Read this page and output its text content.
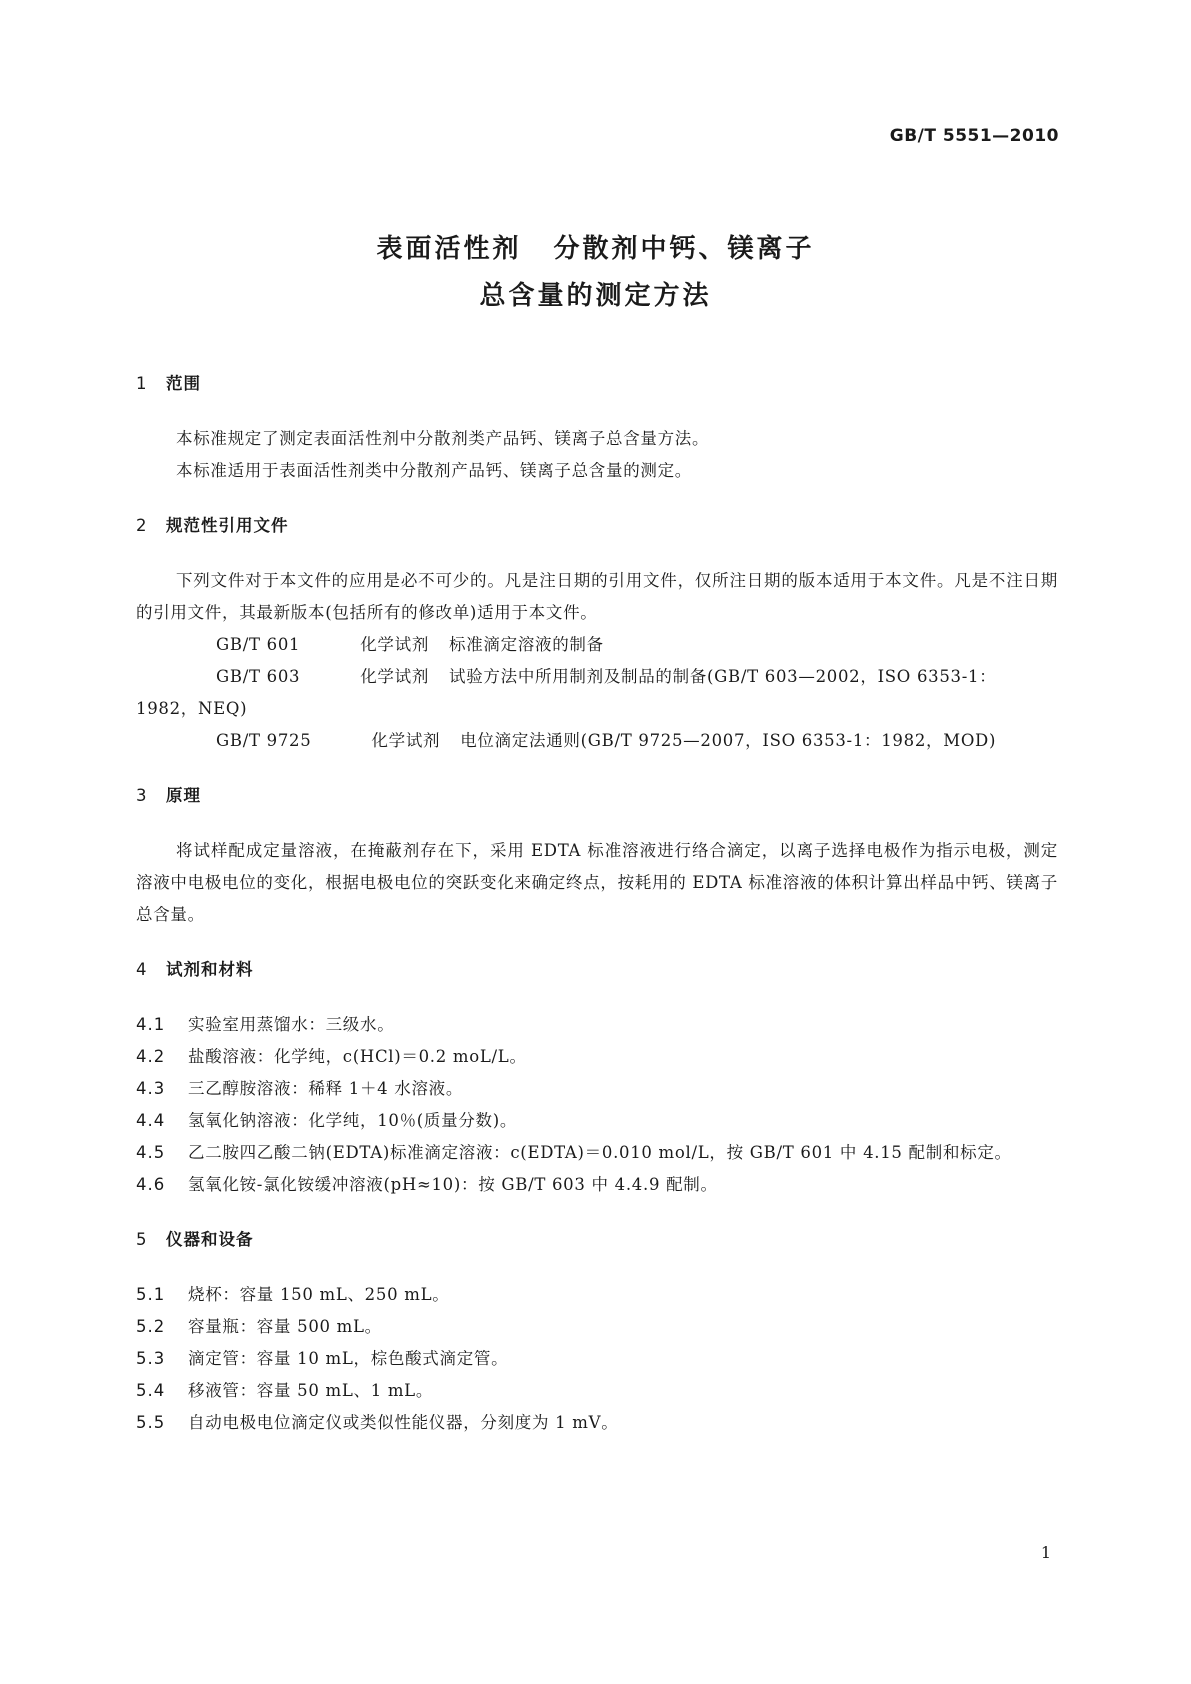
GB/T 5551—2010
表面活性剂 分散剂中钙、镁离子
总含量的测定方法
1 范围
本标准规定了测定表面活性剂中分散剂类产品钙、镁离子总含量方法。
本标准适用于表面活性剂类中分散剂产品钙、镁离子总含量的测定。
2 规范性引用文件
下列文件对于本文件的应用是必不可少的。凡是注日期的引用文件，仅所注日期的版本适用于本文件。凡是不注日期的引用文件，其最新版本(包括所有的修改单)适用于本文件。
GB/T 601	化学试剂 标准滴定溶液的制备
GB/T 603	化学试剂 试验方法中所用制剂及制品的制备(GB/T 603—2002，ISO 6353-1：1982，NEQ)
GB/T 9725	化学试剂 电位滴定法通则(GB/T 9725—2007，ISO 6353-1：1982，MOD)
3 原理
将试样配成定量溶液，在掩蔽剂存在下，采用 EDTA 标准溶液进行络合滴定，以离子选择电极作为指示电极，测定溶液中电极电位的变化，根据电极电位的突跃变化来确定终点，按耗用的 EDTA 标准溶液的体积计算出样品中钙、镁离子总含量。
4 试剂和材料
4.1 实验室用蒸馏水：三级水。
4.2 盐酸溶液：化学纯，c(HCl)＝0.2 moL/L。
4.3 三乙醇胺溶液：稀释 1＋4 水溶液。
4.4 氢氧化钠溶液：化学纯，10％(质量分数)。
4.5 乙二胺四乙酸二钠(EDTA)标准滴定溶液：c(EDTA)＝0.010 mol/L，按 GB/T 601 中 4.15 配制和标定。
4.6 氢氧化铵-氯化铵缓冲溶液(pH≈10)：按 GB/T 603 中 4.4.9 配制。
5 仪器和设备
5.1 烧杯：容量 150 mL、250 mL。
5.2 容量瓶：容量 500 mL。
5.3 滴定管：容量 10 mL，棕色酸式滴定管。
5.4 移液管：容量 50 mL、1 mL。
5.5 自动电极电位滴定仪或类似性能仪器，分刻度为 1 mV。
1
